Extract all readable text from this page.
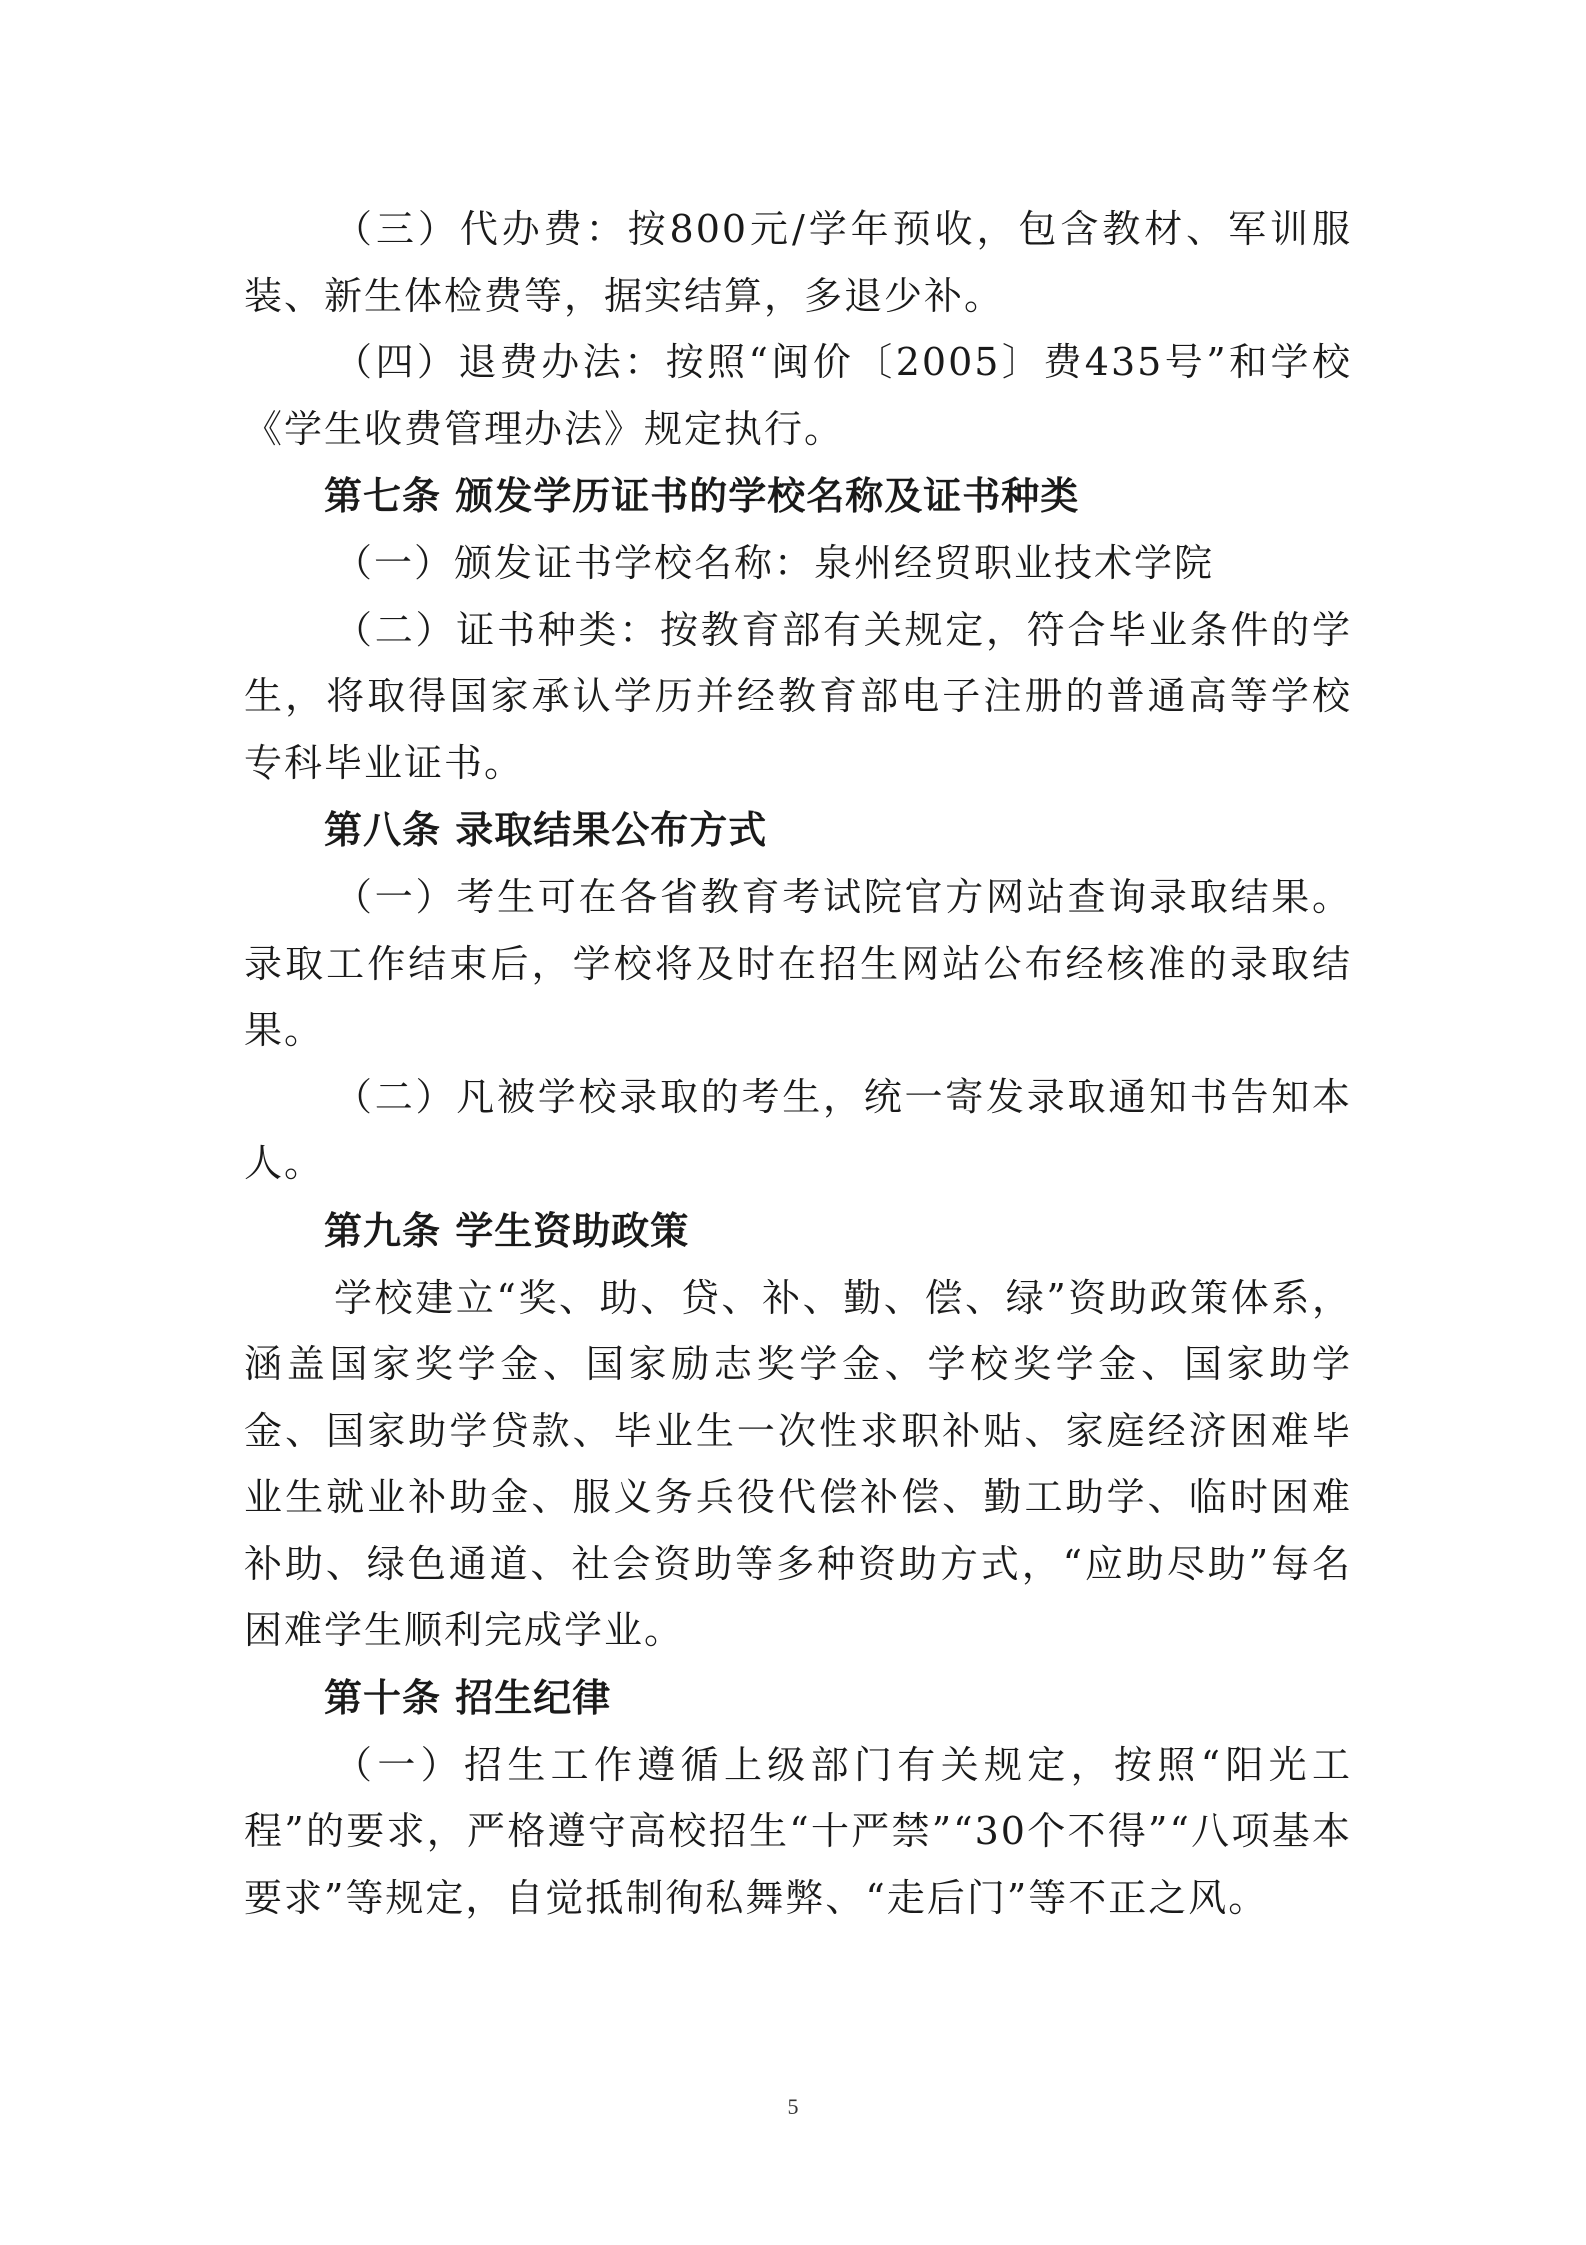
（三）代办费：按800元/学年预收，包含教材、军训服装、新生体检费等，据实结算，多退少补。

（四）退费办法：按照“闽价〔2005〕费435号”和学校《学生收费管理办法》规定执行。

第七条 颁发学历证书的学校名称及证书种类

（一）颁发证书学校名称：泉州经贸职业技术学院

（二）证书种类：按教育部有关规定，符合毕业条件的学生，将取得国家承认学历并经教育部电子注册的普通高等学校专科毕业证书。

第八条 录取结果公布方式

（一）考生可在各省教育考试院官方网站查询录取结果。录取工作结束后，学校将及时在招生网站公布经核准的录取结果。

（二）凡被学校录取的考生，统一寄发录取通知书告知本人。

第九条 学生资助政策

学校建立“奖、助、贷、补、勤、偿、绿”资助政策体系，涵盖国家奖学金、国家励志奖学金、学校奖学金、国家助学金、国家助学贷款、毕业生一次性求职补贴、家庭经济困难毕业生就业补助金、服义务兵役代偿补偿、勤工助学、临时困难补助、绿色通道、社会资助等多种资助方式，“应助尽助”每名困难学生顺利完成学业。

第十条 招生纪律

（一）招生工作遵循上级部门有关规定，按照“阳光工程”的要求，严格遵守高校招生“十严禁”“30个不得”“八项基本要求”等规定，自觉抵制徇私舞弊、“走后门”等不正之风。

5
